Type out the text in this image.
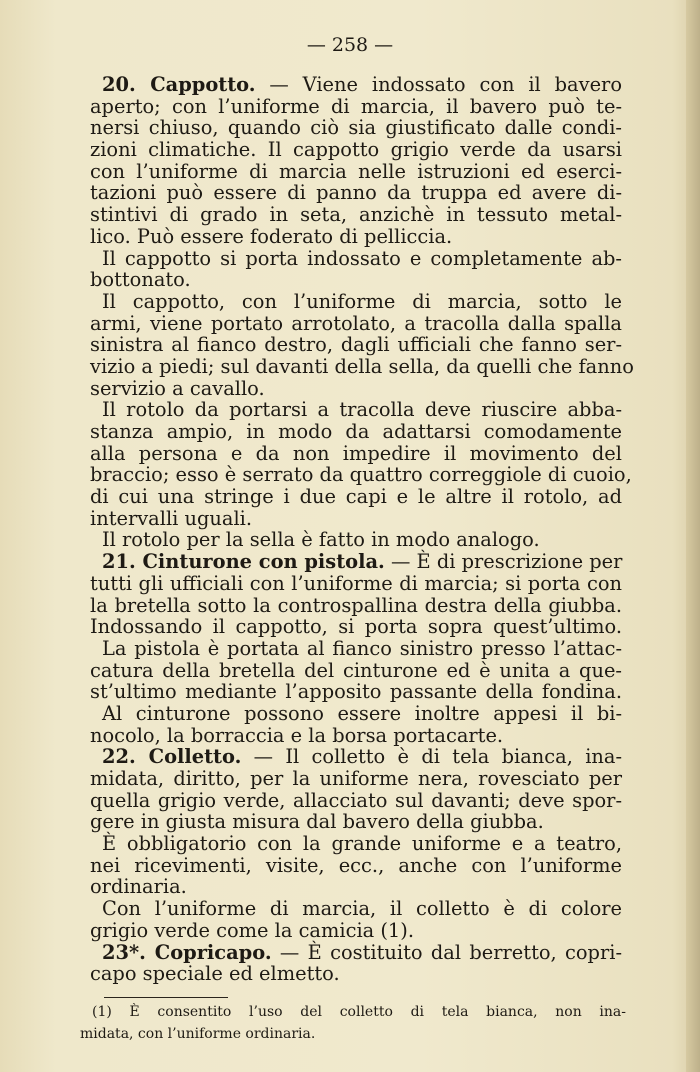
— 258 —
20. Cappotto. — Viene indossato con il bavero
aperto; con l’uniforme di marcia, il bavero può te-
nersi chiuso, quando ciò sia giustificato dalle condi-
zioni climatiche. Il cappotto grigio verde da usarsi
con l’uniforme di marcia nelle istruzioni ed eserci-
tazioni può essere di panno da truppa ed avere di-
stintivi di grado in seta, anzichè in tessuto metal-
lico. Può essere foderato di pelliccia.
Il cappotto si porta indossato e completamente ab-
bottonato.
Il cappotto, con l’uniforme di marcia, sotto le
armi, viene portato arrotolato, a tracolla dalla spalla
sinistra al fianco destro, dagli ufficiali che fanno ser-
vizio a piedi; sul davanti della sella, da quelli che fanno
servizio a cavallo.
Il rotolo da portarsi a tracolla deve riuscire abba-
stanza ampio, in modo da adattarsi comodamente
alla persona e da non impedire il movimento del
braccio; esso è serrato da quattro correggiole di cuoio,
di cui una stringe i due capi e le altre il rotolo, ad
intervalli uguali.
Il rotolo per la sella è fatto in modo analogo.
21. Cinturone con pistola. — È di prescrizione per
tutti gli ufficiali con l’uniforme di marcia; si porta con
la bretella sotto la controspallina destra della giubba.
Indossando il cappotto, si porta sopra quest’ultimo.
La pistola è portata al fianco sinistro presso l’attac-
catura della bretella del cinturone ed è unita a que-
st’ultimo mediante l’apposito passante della fondina.
Al cinturone possono essere inoltre appesi il bi-
nocolo, la borraccia e la borsa portacarte.
22. Colletto. — Il colletto è di tela bianca, ina-
midata, diritto, per la uniforme nera, rovesciato per
quella grigio verde, allacciato sul davanti; deve spor-
gere in giusta misura dal bavero della giubba.
È obbligatorio con la grande uniforme e a teatro,
nei ricevimenti, visite, ecc., anche con l’uniforme
ordinaria.
Con l’uniforme di marcia, il colletto è di colore
grigio verde come la camicia (1).
23*. Copricapo. — È costituito dal berretto, copri-
capo speciale ed elmetto.
(1) È consentito l’uso del colletto di tela bianca, non ina-
midata, con l’uniforme ordinaria.
